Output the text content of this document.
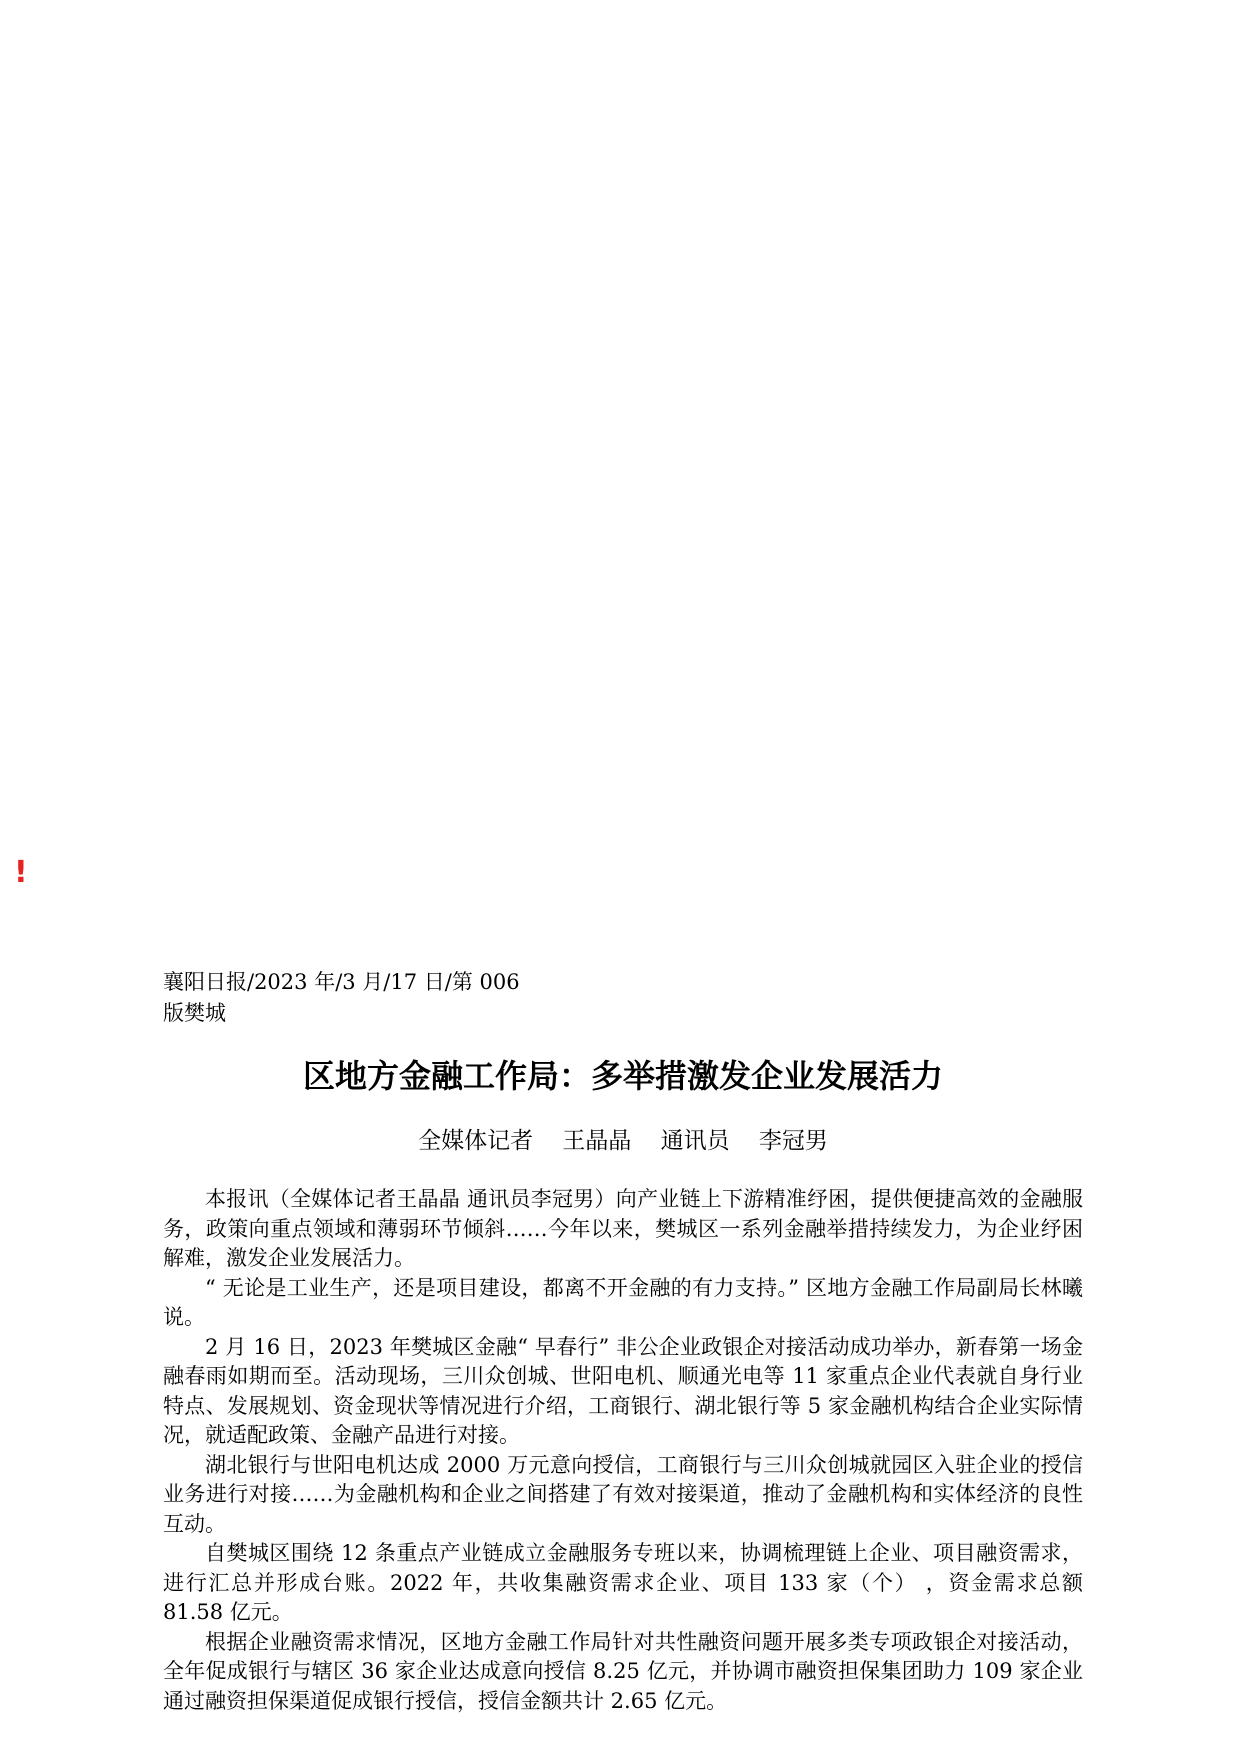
!
襄阳日报/2023 年/3 月/17 日/第 006 版樊城
区地方金融工作局：多举措激发企业发展活力
全媒体记者    王晶晶    通讯员    李冠男

本报讯（全媒体记者王晶晶 通讯员李冠男）向产业链上下游精准纾困，提供便捷高效的金融服务，政策向重点领域和薄弱环节倾斜……今年以来，樊城区一系列金融举措持续发力，为企业纾困解难，激发企业发展活力。

“ 无论是工业生产，还是项目建设，都离不开金融的有力支持。” 区地方金融工作局副局长林曦说。

2 月 16 日，2023 年樊城区金融“ 早春行” 非公企业政银企对接活动成功举办，新春第一场金融春雨如期而至。活动现场，三川众创城、世阳电机、顺通光电等 11 家重点企业代表就自身行业特点、发展规划、资金现状等情况进行介绍，工商银行、湖北银行等 5 家金融机构结合企业实际情况，就适配政策、金融产品进行对接。

湖北银行与世阳电机达成 2000 万元意向授信，工商银行与三川众创城就园区入驻企业的授信业务进行对接……为金融机构和企业之间搭建了有效对接渠道，推动了金融机构和实体经济的良性互动。

自樊城区围绕 12 条重点产业链成立金融服务专班以来，协调梳理链上企业、项目融资需求，进行汇总并形成台账。2022 年，共收集融资需求企业、项目 133 家（个） ，资金需求总额 81.58 亿元。

根据企业融资需求情况，区地方金融工作局针对共性融资问题开展多类专项政银企对接活动，全年促成银行与辖区 36 家企业达成意向授信 8.25 亿元，并协调市融资担保集团助力 109 家企业通过融资担保渠道促成银行授信，授信金额共计 2.65 亿元。
